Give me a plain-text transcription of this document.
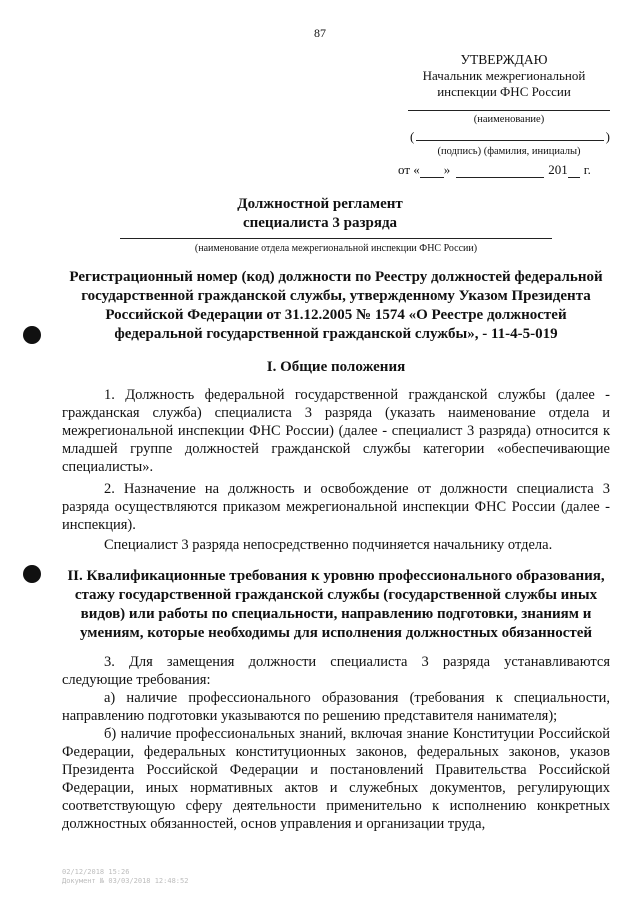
87
УТВЕРЖДАЮ
Начальник межрегиональной
инспекции ФНС России
(наименование)
(	)
(подпись) (фамилия, инициалы)
от « »	201 г.
Должностной регламент
специалиста 3 разряда
(наименование отдела межрегиональной инспекции ФНС России)
Регистрационный номер (код) должности по Реестру должностей федеральной государственной гражданской службы, утвержденному Указом Президента Российской Федерации от 31.12.2005 № 1574 «О Реестре должностей федеральной государственной гражданской службы», - 11-4-5-019
I. Общие положения
1. Должность федеральной государственной гражданской службы (далее - гражданская служба) специалиста 3 разряда (указать наименование отдела и межрегиональной инспекции ФНС России) (далее - специалист 3 разряда) относится к младшей группе должностей гражданской службы категории «обеспечивающие специалисты».
2. Назначение на должность и освобождение от должности специалиста 3 разряда осуществляются приказом межрегиональной инспекции ФНС России (далее - инспекция).
Специалист 3 разряда непосредственно подчиняется начальнику отдела.
II. Квалификационные требования к уровню профессионального образования, стажу государственной гражданской службы (государственной службы иных видов) или работы по специальности, направлению подготовки, знаниям и умениям, которые необходимы для исполнения должностных обязанностей
3. Для замещения должности специалиста 3 разряда устанавливаются следующие требования:
а) наличие профессионального образования (требования к специальности, направлению подготовки указываются по решению представителя нанимателя);
б) наличие профессиональных знаний, включая знание Конституции Российской Федерации, федеральных конституционных законов, федеральных законов, указов Президента Российской Федерации и постановлений Правительства Российской Федерации, иных нормативных актов и служебных документов, регулирующих соответствующую сферу деятельности применительно к исполнению конкретных должностных обязанностей, основ управления и организации труда,
02/12/2018 15:26
Документ № 03/03/2018 12:48:52
